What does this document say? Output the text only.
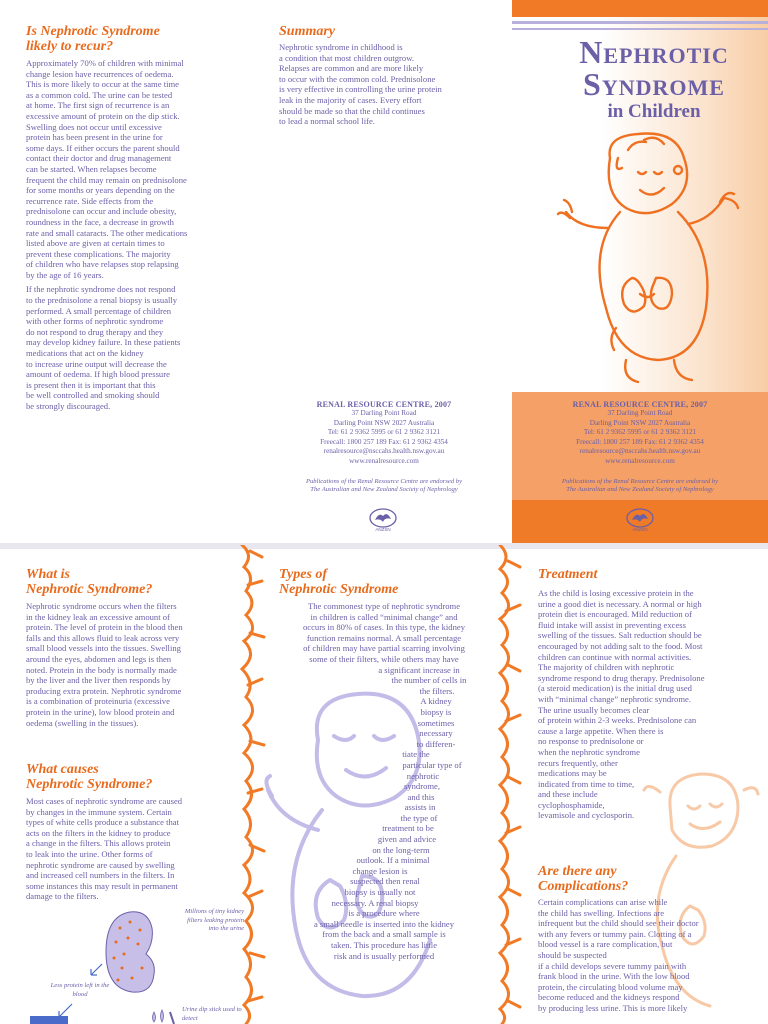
Is Nephrotic Syndrome
likely to recur?
Approximately 70% of children with minimal
change lesion have recurrences of oedema.
This is more likely to occur at the same time
as a common cold. The urine can be tested
at home. The first sign of recurrence is an
excessive amount of protein on the dip stick.
Swelling does not occur until excessive
protein has been present in the urine for
some days. If either occurs the parent should
contact their doctor and drug management
can be started. When relapses become
frequent the child may remain on prednisolone
for some months or years depending on the
recurrence rate. Side effects from the
prednisolone can occur and include obesity,
roundness in the face, a decrease in growth
rate and small cataracts. The other medications
listed above are given at certain times to
prevent these complications. The majority
of children who have relapses stop relapsing
by the age of 16 years.
If the nephrotic syndrome does not respond
to the prednisolone a renal biopsy is usually
performed. A small percentage of children
with other forms of nephrotic syndrome
do not respond to drug therapy and they
may develop kidney failure. In these patients
medications that act on the kidney
to increase urine output will decrease the
amount of oedema. If high blood pressure
is present then it is important that this
be well controlled and smoking should
be strongly discouraged.
Summary
Nephrotic syndrome in childhood is
a condition that most children outgrow.
Relapses are common and are more likely
to occur with the common cold. Prednisolone
is very effective in controlling the urine protein
leak in the majority of cases. Every effort
should be made so that the child continues
to lead a normal school life.
RENAL RESOURCE CENTRE, 2007
37 Darling Point Road
Darling Point NSW 2027 Australia
Tel: 61 2 9362 5995 or 61 2 9362 3121
Freecall: 1800 257 189 Fax: 61 2 9362 4354
renalresource@nsccahs.health.nsw.gov.au
www.renalresource.com
Publications of the Renal Resource Centre are endorsed by
The Australian and New Zealand Society of Nephrology
ANZSN
Nephrotic
Syndrome
in Children
RENAL RESOURCE CENTRE, 2007
37 Darling Point Road
Darling Point NSW 2027 Australia
Tel: 61 2 9362 5995 or 61 2 9362 3121
Freecall: 1800 257 189 Fax: 61 2 9362 4354
renalresource@nsccahs.health.nsw.gov.au
www.renalresource.com
Publications of the Renal Resource Centre are endorsed by
The Australian and New Zealand Society of Nephrology
ANZSN
What is
Nephrotic Syndrome?
Nephrotic syndrome occurs when the filters
in the kidney leak an excessive amount of
protein. The level of protein in the blood then
falls and this allows fluid to leak across very
small blood vessels into the tissues. Swelling
around the eyes, abdomen and legs is then
noted. Protein in the body is normally made
by the liver and the liver then responds by
producing extra protein. Nephrotic syndrome
is a combination of proteinuria (excessive
protein in the urine), low blood protein and
oedema (swelling in the tissues).
What causes
Nephrotic Syndrome?
Most cases of nephrotic syndrome are caused
by changes in the immune system. Certain
types of white cells produce a substance that
acts on the filters in the kidney to produce
a change in the filters. This allows protein
to leak into the urine. Other forms of
nephrotic syndrome are caused by swelling
and increased cell numbers in the filters. In
some instances this may result in permanent
damage to the filters.
Millions of tiny kidney filters leaking protein into the urine
Less protein left in the blood
Urine dip stick used to detect
Types of
Nephrotic Syndrome
The commonest type of nephrotic syndrome
in children is called “minimal change” and
occurs in 80% of cases. In this type, the kidney
function remains normal. A small percentage
of children may have partial scarring involving
some of their filters, while others may have
a significant increase in
the number of cells in
the filters.
A kidney
biopsy is
sometimes
necessary
to differen-
tiate the
particular type of
nephrotic
syndrome,
and this
assists in
the type of
treatment to be
given and advice
on the long-term
outlook. If a minimal
change lesion is
suspected then renal
biopsy is usually not
necessary. A renal biopsy
is a procedure where
a small needle is inserted into the kidney
from the back and a small sample is
taken. This procedure has little
risk and is usually performed
Treatment
As the child is losing excessive protein in the
urine a good diet is necessary. A normal or high
protein diet is encouraged. Mild reduction of
fluid intake will assist in preventing excess
swelling of the tissues. Salt reduction should be
encouraged by not adding salt to the food. Most
children can continue with normal activities.
The majority of children with nephrotic
syndrome respond to drug therapy. Prednisolone
(a steroid medication) is the initial drug used
with “minimal change” nephrotic syndrome.
The urine usually becomes clear
of protein within 2-3 weeks. Prednisolone can
cause a large appetite. When there is
no response to prednisolone or
when the nephrotic syndrome
recurs frequently, other
medications may be
indicated from time to time,
and these include
cyclophosphamide,
levamisole and cyclosporin.
Are there any
Complications?
Certain complications can arise while
the child has swelling. Infections are
infrequent but the child should see their doctor
with any fevers or tummy pain. Clotting of a
blood vessel is a rare complication, but
should be suspected
if a child develops severe tummy pain with
frank blood in the urine. With the low blood
protein, the circulating blood volume may
become reduced and the kidneys respond
by producing less urine. This is more likely
